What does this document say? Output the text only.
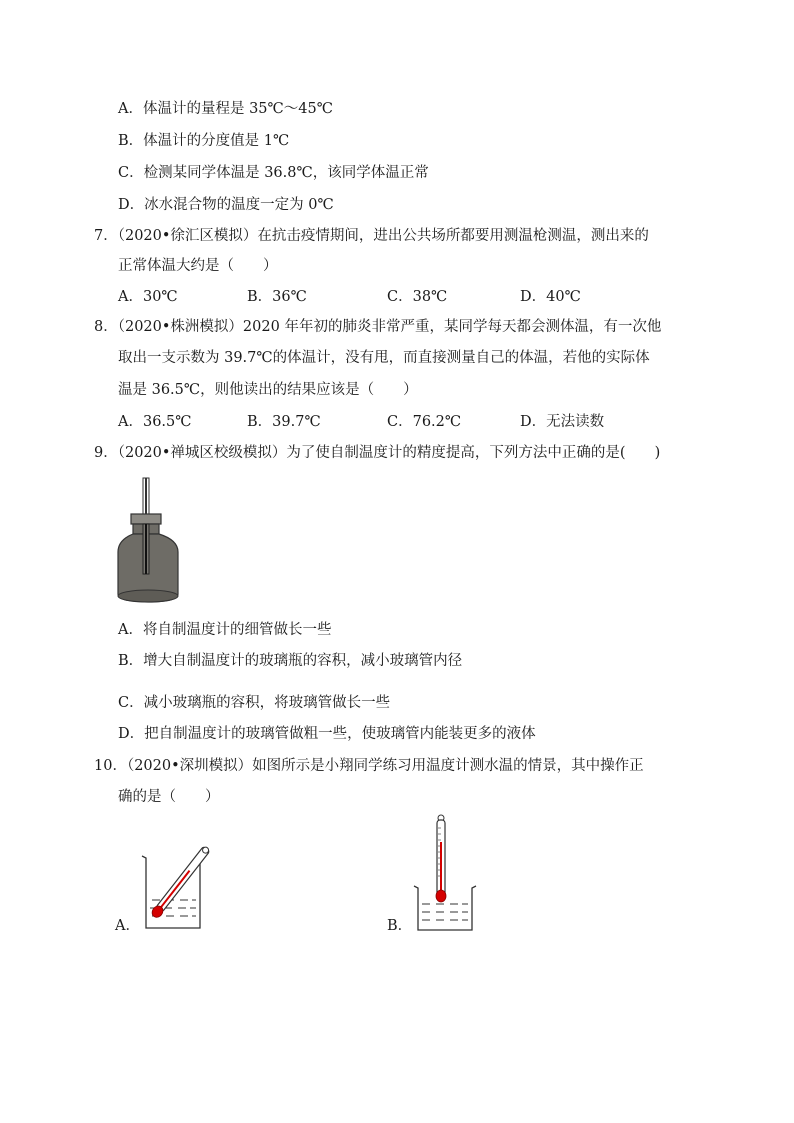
A．体温计的量程是 35℃～45℃
B．体温计的分度值是 1℃
C．检测某同学体温是 36.8℃，该同学体温正常
D．冰水混合物的温度一定为 0℃
7．（2020•徐汇区模拟）在抗击疫情期间，进出公共场所都要用测温枪测温，测出来的
正常体温大约是（　　）
A．30℃	B．36℃	C．38℃	D．40℃
8．（2020•株洲模拟）2020 年年初的肺炎非常严重，某同学每天都会测体温，有一次他
取出一支示数为 39.7℃的体温计，没有甩，而直接测量自己的体温，若他的实际体
温是 36.5℃，则他读出的结果应该是（　　）
A．36.5℃	B．39.7℃	C．76.2℃	D．无法读数
9．（2020•禅城区校级模拟）为了使自制温度计的精度提高，下列方法中正确的是(　　)
A．将自制温度计的细管做长一些
B．增大自制温度计的玻璃瓶的容积，减小玻璃管内径
C．减小玻璃瓶的容积，将玻璃管做长一些
D．把自制温度计的玻璃管做粗一些，使玻璃管内能装更多的液体
10．（2020•深圳模拟）如图所示是小翔同学练习用温度计测水温的情景，其中操作正
确的是（　　）
A．	B．
